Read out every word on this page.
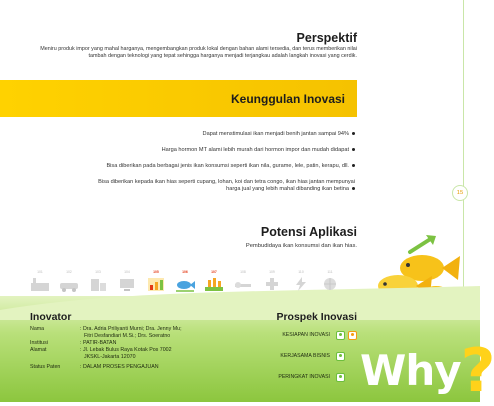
15
Perspektif
Meniru produk impor yang mahal harganya, mengembangkan produk lokal dengan bahan alami tersedia, dan terus memberikan nilai tambah dengan teknologi yang tepat sehingga harganya menjadi terjangkau adalah langkah inovasi yang cerdik.
Keunggulan Inovasi
Dapat menstimulasi ikan menjadi benih jantan sampai 94%
Harga hormon MT alami lebih murah dari hormon impor dan mudah didapat
Bisa diberikan pada berbagai jenis ikan konsumsi seperti ikan nila, gurame, lele, patin, kerapu, dll.
Bisa diberikan kepada ikan hias seperti cupang, lohan, koi dan tetra congo, ikan hias jantan mempunyai harga jual yang lebih mahal dibanding ikan betina
Potensi Aplikasi
Pembudidaya ikan konsumsi dan ikan hias.
101	102	103	104	105	106	107	108	109	110	111
Inovator
Nama	: Dra. Adria Priliyanti Murni; Dra. Jenny Mu;
Fitri Desfandiari M.Si.; Drs. Soeratno
Institusi	: PATIR-BATAN
Alamat	: Jl. Lebak Bulus Raya Kotak Pos 7002
JKSKL-Jakarta 12070
Status Paten	: DALAM PROSES PENGAJUAN
Prospek Inovasi
KESIAPAN INOVASI
KERJASAMA BISNIS
PERINGKAT INOVASI Why?
